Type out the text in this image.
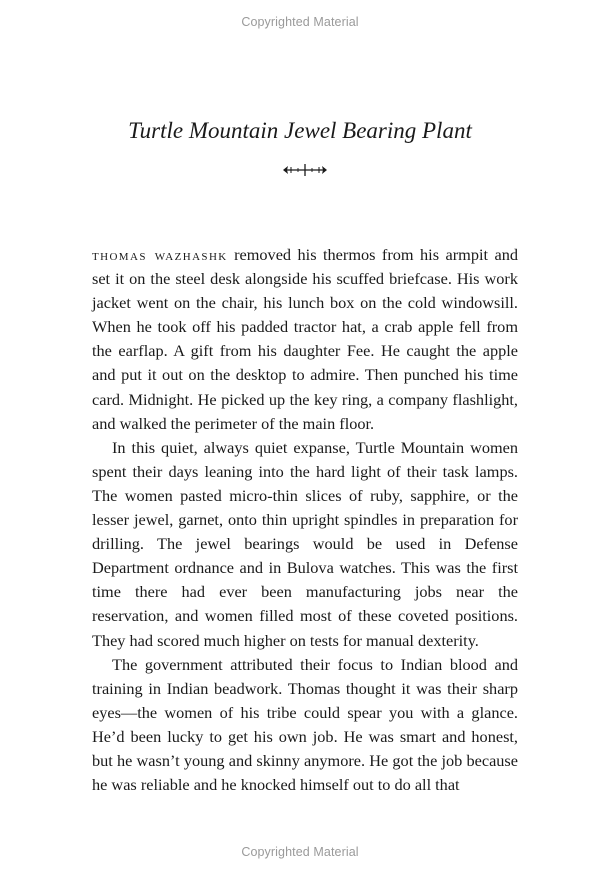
Copyrighted Material
Turtle Mountain Jewel Bearing Plant

thomas wazhashk removed his thermos from his armpit and set it on the steel desk alongside his scuffed briefcase. His work jacket went on the chair, his lunch box on the cold windowsill. When he took off his padded tractor hat, a crab apple fell from the earflap. A gift from his daughter Fee. He caught the apple and put it out on the desktop to admire. Then punched his time card. Midnight. He picked up the key ring, a company flashlight, and walked the perimeter of the main floor.

In this quiet, always quiet expanse, Turtle Mountain women spent their days leaning into the hard light of their task lamps. The women pasted micro-thin slices of ruby, sapphire, or the lesser jewel, garnet, onto thin upright spindles in preparation for drilling. The jewel bearings would be used in Defense Department ordnance and in Bulova watches. This was the first time there had ever been manufacturing jobs near the reservation, and women filled most of these coveted positions. They had scored much higher on tests for manual dexterity.

The government attributed their focus to Indian blood and training in Indian beadwork. Thomas thought it was their sharp eyes—the women of his tribe could spear you with a glance. He’d been lucky to get his own job. He was smart and honest, but he wasn’t young and skinny anymore. He got the job because he was reliable and he knocked himself out to do all that

Copyrighted Material
